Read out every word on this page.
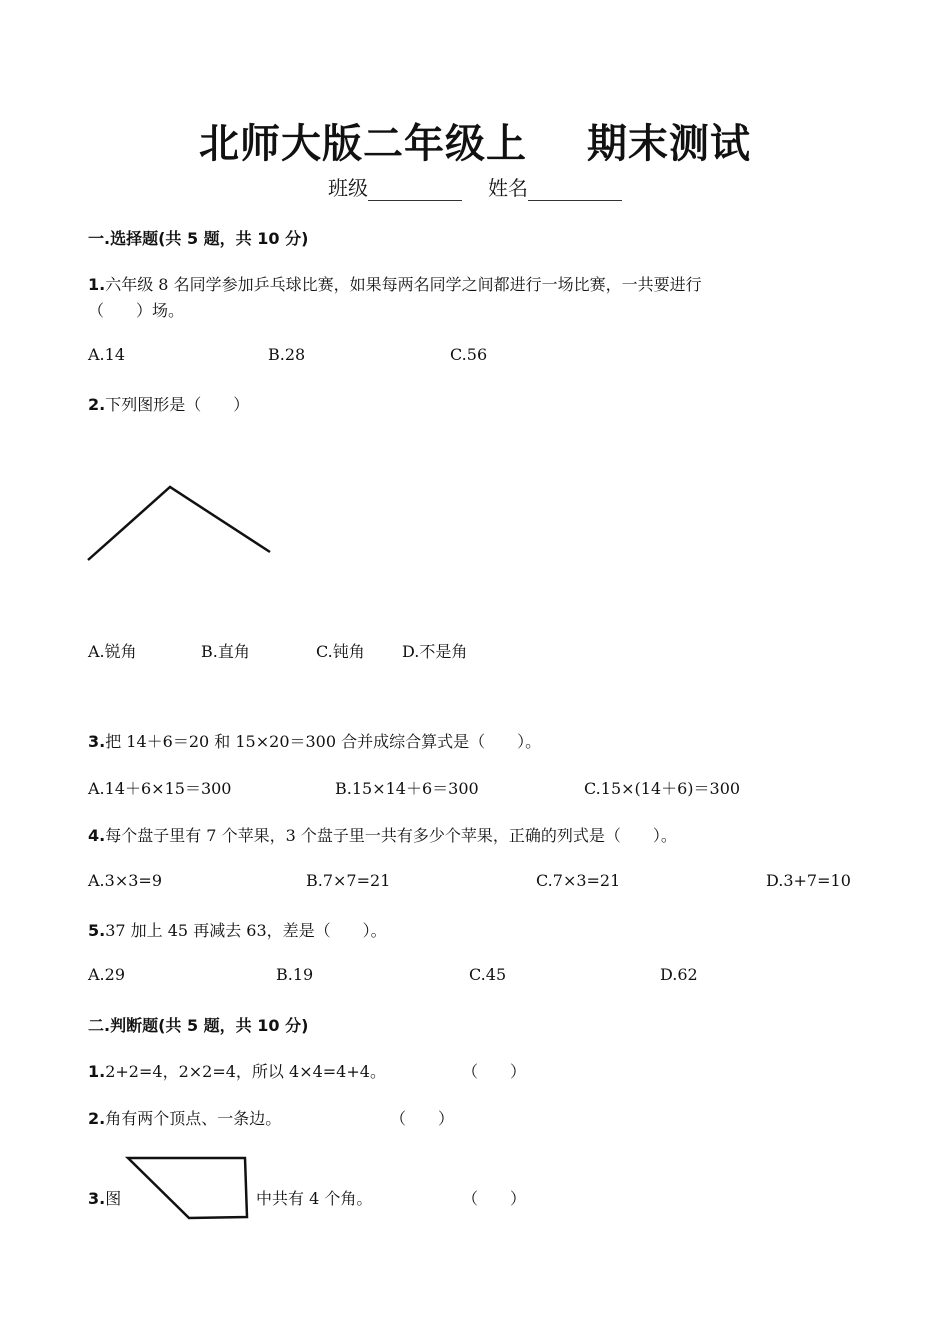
北师大版二年级上 期末测试
班级	姓名
一.选择题(共 5 题，共 10 分)
1.六年级 8 名同学参加乒乓球比赛，如果每两名同学之间都进行一场比赛，一共要进行
（　　）场。
A.14	B.28	C.56
2.下列图形是（　　）
A.锐角	B.直角	C.钝角 D.不是角
3.把 14＋6＝20 和 15×20＝300 合并成综合算式是（　　）。
A.14＋6×15＝300	B.15×14＋6＝300	C.15×(14＋6)＝300
4.每个盘子里有 7 个苹果，3 个盘子里一共有多少个苹果，正确的列式是（　　）。
A.3×3=9	B.7×7=21	C.7×3=21	D.3+7=10
5.37 加上 45 再减去 63，差是（　　）。
A.29	B.19	C.45	D.62
二.判断题(共 5 题，共 10 分)
1.2+2=4，2×2=4，所以 4×4=4+4。	（　　）
2.角有两个顶点、一条边。	（　　）
3.图	中共有 4 个角。	（　　）
